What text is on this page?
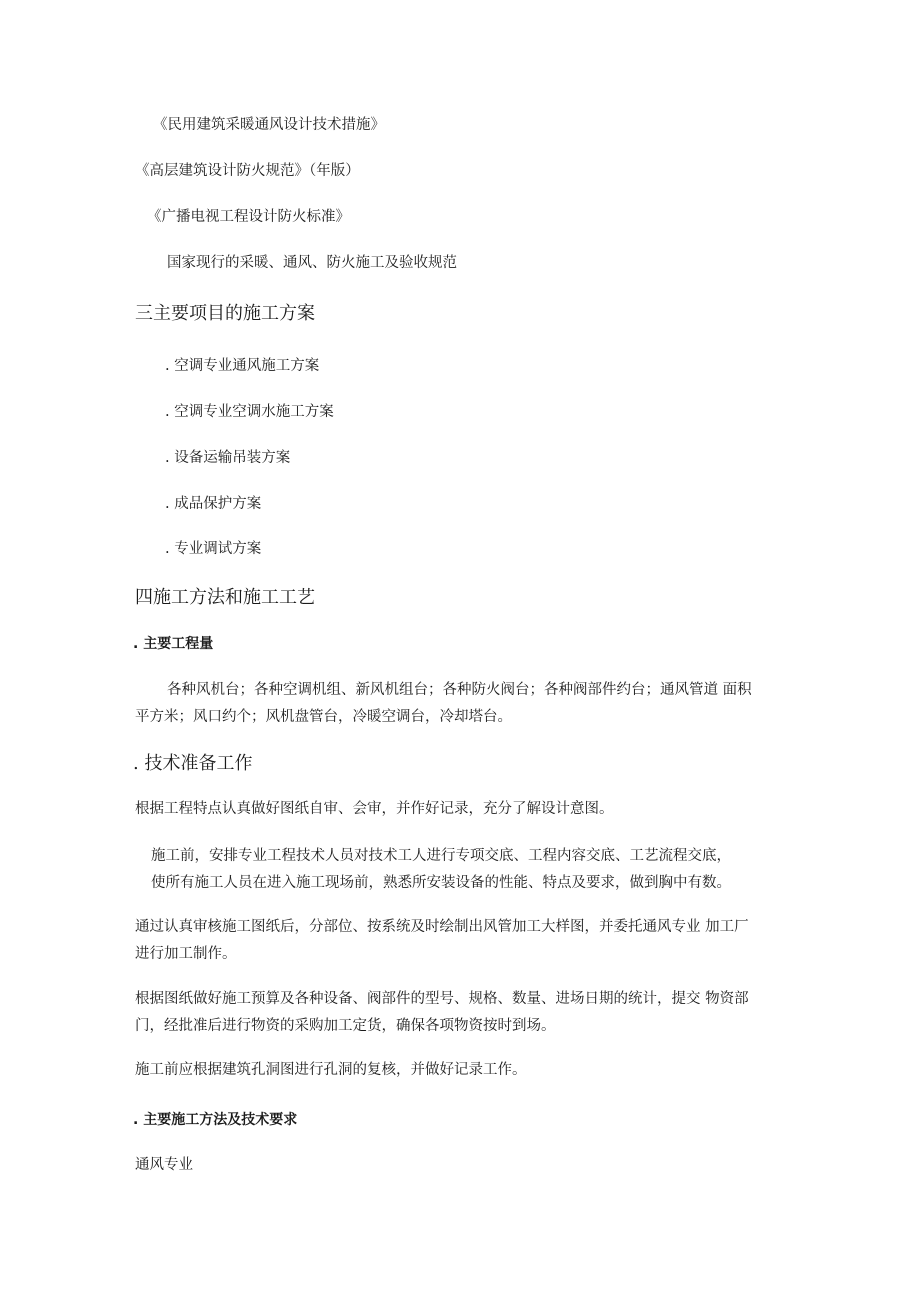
《民用建筑采暖通风设计技术措施》
《高层建筑设计防火规范》（年版）
《广播电视工程设计防火标准》
国家现行的采暖、通风、防火施工及验收规范
三主要项目的施工方案
. 空调专业通风施工方案
. 空调专业空调水施工方案
. 设备运输吊装方案
. 成品保护方案
. 专业调试方案
四施工方法和施工工艺
. 主要工程量
各种风机台；各种空调机组、新风机组台；各种防火阀台；各种阀部件约台；通风管道 面积
平方米；风口约个；风机盘管台，冷暖空调台，冷却塔台。
. 技术准备工作
根据工程特点认真做好图纸自审、会审，并作好记录，充分了解设计意图。
施工前，安排专业工程技术人员对技术工人进行专项交底、工程内容交底、工艺流程交底，
使所有施工人员在进入施工现场前，熟悉所安装设备的性能、特点及要求，做到胸中有数。
通过认真审核施工图纸后，分部位、按系统及时绘制出风管加工大样图，并委托通风专业 加工厂
进行加工制作。
根据图纸做好施工预算及各种设备、阀部件的型号、规格、数量、进场日期的统计，提交 物资部
门，经批准后进行物资的采购加工定货，确保各项物资按时到场。
施工前应根据建筑孔洞图进行孔洞的复核，并做好记录工作。
. 主要施工方法及技术要求
通风专业
